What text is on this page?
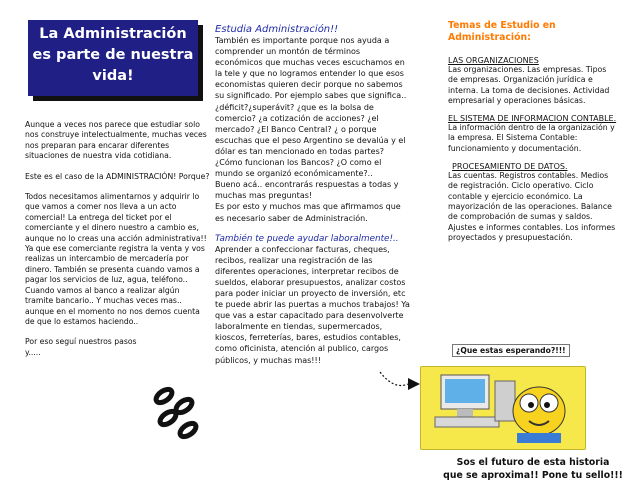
La Administración es parte de nuestra vida!

Aunque a veces nos parece que estudiar solo nos construye intelectualmente, muchas veces nos preparan para encarar diferentes situaciones de nuestra vida cotidiana.

Este es el caso de la ADMINISTRACIÓN! Porque?

Todos necesitamos alimentarnos y adquirir lo que vamos a comer nos lleva a un acto comercial! La entrega del ticket por el comerciante y el dinero nuestro a cambio es, aunque no lo creas una acción administrativa!! Ya que ese comerciante registra la venta y vos realizas un intercambio de mercadería por dinero. También se presenta cuando vamos a pagar los servicios de luz, agua, teléfono.. Cuando vamos al banco a realizar algún tramite bancario.. Y muchas veces mas.. aunque en el momento no nos demos cuenta de que lo estamos haciendo..

Por eso seguí nuestros pasos y.....

Estudia Administración!!
También es importante porque nos ayuda a comprender un montón de términos económicos que muchas veces escuchamos en la tele y que no logramos entender lo que esos economistas quieren decir porque no sabemos su significado. Por ejemplo sabes que significa..
¿déficit?¿superávit? ¿que es la bolsa de comercio? ¿a cotización de acciones? ¿el mercado? ¿El Banco Central? ¿ o porque escuchas que el peso Argentino se devalúa y el dólar es tan mencionado en todas partes?¿Cómo funcionan los Bancos? ¿O como el mundo se organizó económicamente?..
Bueno acá.. encontrarás respuestas a todas y muchas mas preguntas!
Es por esto y muchos mas que afirmamos que es necesario saber de Administración.
También te puede ayudar laboralmente!..
Aprender a confeccionar facturas, cheques, recibos, realizar una registración de las diferentes operaciones, interpretar recibos de sueldos, elaborar presupuestos, analizar costos para poder iniciar un proyecto de inversión, etc te puede abrir las puertas a muchos trabajos! Ya que vas a estar capacitado para desenvolverte laboralmente en tiendas, supermercados, kioscos, ferreterías, bares, estudios contables, como oficinista, atención al publico, cargos públicos, y muchas mas!!!
Temas de Estudio en Administración:
LAS ORGANIZACIONES
Las organizaciones. Las empresas. Tipos de empresas. Organización jurídica e interna. La toma de decisiones. Actividad empresarial y operaciones básicas.
EL SISTEMA DE INFORMACION CONTABLE.
La información dentro de la organización y la empresa. El Sistema Contable: funcionamiento y documentación.
PROCESAMIENTO DE DATOS.
Las cuentas. Registros contables. Medios de registración. Ciclo operativo. Ciclo contable y ejercicio económico. La mayorización de las operaciones. Balance de comprobación de sumas y saldos. Ajustes e informes contables. Los informes proyectados y presupuestación.
¿Que estas esperando?!!!
Sos el futuro de esta historia
que se aproxima!! Pone tu sello!!!
